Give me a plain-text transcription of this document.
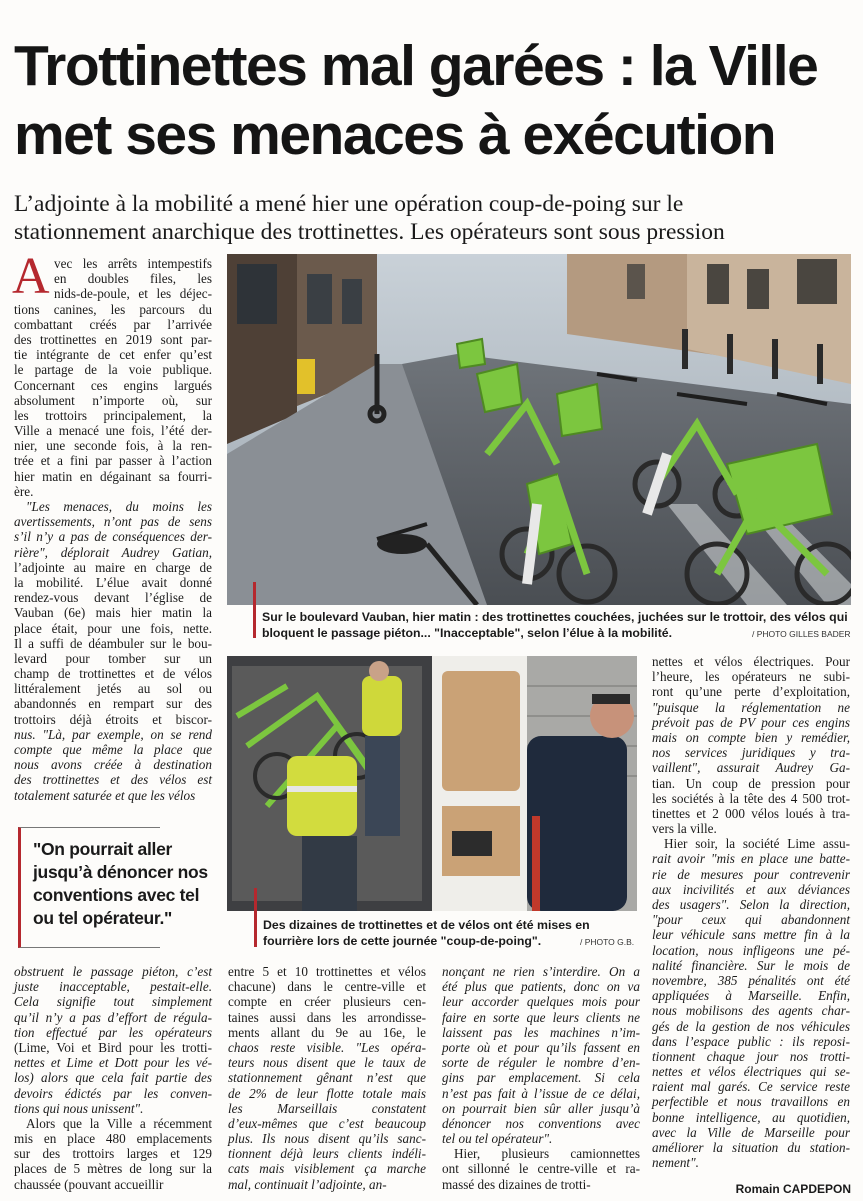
Trottinettes mal garées : la Ville
met ses menaces à exécution
L’adjointe à la mobilité a mené hier une opération coup-de-poing sur le
stationnement anarchique des trottinettes. Les opérateurs sont sous pression
A vec les arrêts intempestifs
en doubles files, les
nids-de-poule, et les déjec-
tions canines, les parcours du
combattant créés par l’arrivée
des trottinettes en 2019 sont par-
tie intégrante de cet enfer qu’est
le partage de la voie publique.
Concernant ces engins largués
absolument n’importe où, sur
les trottoirs principalement, la
Ville a menacé une fois, l’été der-
nier, une seconde fois, à la ren-
trée et a fini par passer à l’action
hier matin en dégainant sa fourri-
ère.
"Les menaces, du moins les
avertissements, n’ont pas de sens
s’il n’y a pas de conséquences der-
rière", déplorait Audrey Gatian,
l’adjointe au maire en charge de
la mobilité. L’élue avait donné
rendez-vous devant l’église de
Vauban (6e) mais hier matin la
place était, pour une fois, nette.
Il a suffi de déambuler sur le bou-
levard pour tomber sur un
champ de trottinettes et de vélos
littéralement jetés au sol ou
abandonnés en rempart sur des
trottoirs déjà étroits et biscor-
nus. "Là, par exemple, on se rend
compte que même la place que
nous avons créée à destination
des trottinettes et des vélos est
totalement saturée et que les vélos
Sur le boulevard Vauban, hier matin : des trottinettes couchées, juchées sur le trottoir, des vélos qui
bloquent le passage piéton... "Inacceptable", selon l’élue à la mobilité.	/ PHOTO GILLES BADER
Des dizaines de trottinettes et de vélos ont été mises en
fourrière lors de cette journée "coup-de-poing".	/ PHOTO G.B.
"On pourrait aller
jusqu’à dénoncer nos
conventions avec tel
ou tel opérateur."
obstruent le passage piéton, c’est
juste inacceptable, pestait-elle.
Cela signifie tout simplement
qu’il n’y a pas d’effort de régula-
tion effectué par les opérateurs
(Lime, Voi et Bird pour les trotti-
nettes et Lime et Dott pour les vé-
los) alors que cela fait partie des
devoirs édictés par les conven-
tions qui nous unissent".
Alors que la Ville a récemment
mis en place 480 emplacements
sur des trottoirs larges et 129
places de 5 mètres de long sur la
chaussée (pouvant accueillir
entre 5 et 10 trottinettes et vélos
chacune) dans le centre-ville et
compte en créer plusieurs cen-
taines aussi dans les arrondisse-
ments allant du 9e au 16e, le
chaos reste visible. "Les opéra-
teurs nous disent que le taux de
stationnement gênant n’est que
de 2% de leur flotte totale mais
les Marseillais constatent
d’eux-mêmes que c’est beaucoup
plus. Ils nous disent qu’ils sanc-
tionnent déjà leurs clients indéli-
cats mais visiblement ça marche
mal, continuait l’adjointe, an-
nonçant ne rien s’interdire. On a
été plus que patients, donc on va
leur accorder quelques mois pour
faire en sorte que leurs clients ne
laissent pas les machines n’im-
porte où et pour qu’ils fassent en
sorte de réguler le nombre d’en-
gins par emplacement. Si cela
n’est pas fait à l’issue de ce délai,
on pourrait bien sûr aller jusqu’à
dénoncer nos conventions avec
tel ou tel opérateur".
Hier, plusieurs camionnettes
ont sillonné le centre-ville et ra-
massé des dizaines de trotti-
nettes et vélos électriques. Pour
l’heure, les opérateurs ne subi-
ront qu’une perte d’exploitation,
"puisque la réglementation ne
prévoit pas de PV pour ces engins
mais on compte bien y remédier,
nos services juridiques y tra-
vaillent", assurait Audrey Ga-
tian. Un coup de pression pour
les sociétés à la tête des 4 500 trot-
tinettes et 2 000 vélos loués à tra-
vers la ville.
Hier soir, la société Lime assu-
rait avoir "mis en place une batte-
rie de mesures pour contrevenir
aux incivilités et aux déviances
des usagers". Selon la direction,
"pour ceux qui abandonnent
leur véhicule sans mettre fin à la
location, nous infligeons une pé-
nalité financière. Sur le mois de
novembre, 385 pénalités ont été
appliquées à Marseille. Enfin,
nous mobilisons des agents char-
gés de la gestion de nos véhicules
dans l’espace public : ils reposi-
tionnent chaque jour nos trotti-
nettes et vélos électriques qui se-
raient mal garés. Ce service reste
perfectible et nous travaillons en
bonne intelligence, au quotidien,
avec la Ville de Marseille pour
améliorer la situation du station-
nement".
Romain CAPDEPON
